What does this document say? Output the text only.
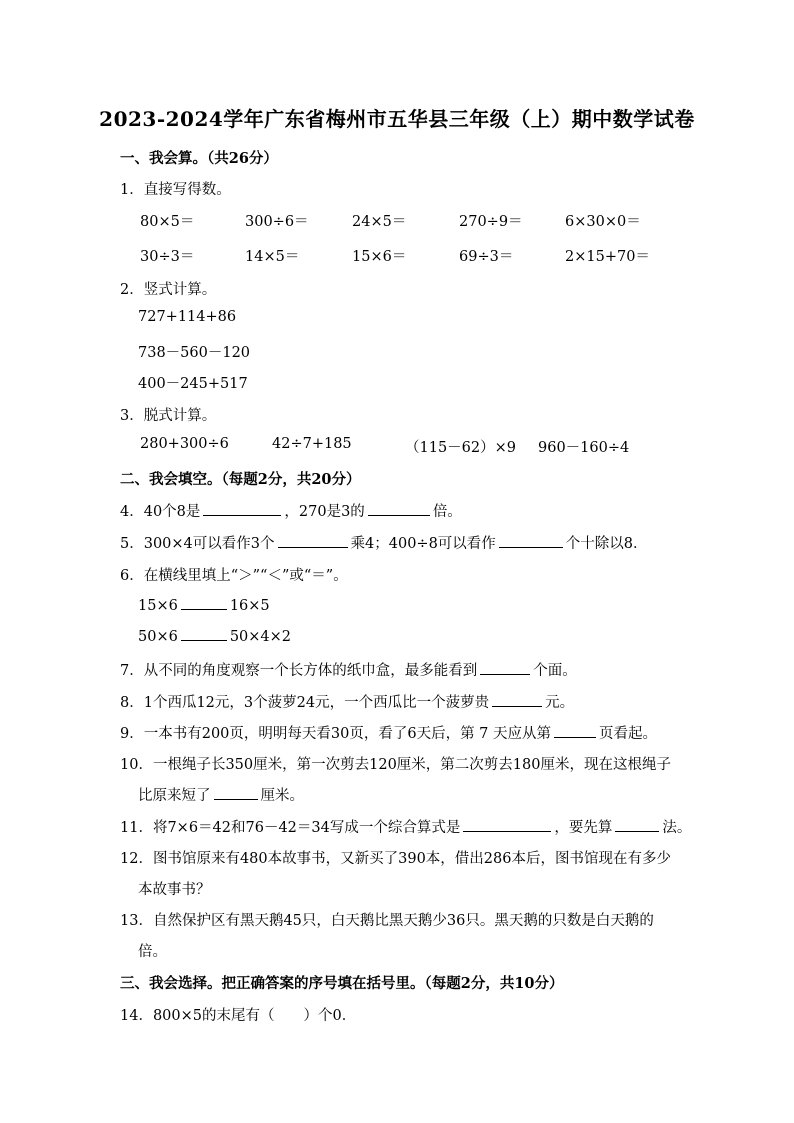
2023-2024学年广东省梅州市五华县三年级（上）期中数学试卷
一、我会算。（共26分）
1．直接写得数。
80×5＝	300÷6＝	24×5＝	270÷9＝	6×30×0＝
30÷3＝	14×5＝	15×6＝	69÷3＝	2×15+70＝
2．竖式计算。
727+114+86
738－560－120
400－245+517
3．脱式计算。
280+300÷6	42÷7+185	（115－62）×9 960－160÷4
二、我会填空。（每题2分，共20分）
4．40个8是	，270是3的	倍。
5．300×4可以看作3个	乘4；400÷8可以看作	个十除以8．
6．在横线里填上“＞”“＜”或“＝”。
15×6	16×5
50×6	50×4×2
7．从不同的角度观察一个长方体的纸巾盒，最多能看到	个面。
8．1个西瓜12元，3个菠萝24元，一个西瓜比一个菠萝贵	元。
9．一本书有200页，明明每天看30页，看了6天后，第 7 天应从第	页看起。
10．一根绳子长350厘米，第一次剪去120厘米，第二次剪去180厘米，现在这根绳子
比原来短了	厘米。
11．将7×6＝42和76－42＝34写成一个综合算式是	，要先算	法。
12．图书馆原来有480本故事书，又新买了390本，借出286本后，图书馆现在有多少
本故事书？
13．自然保护区有黑天鹅45只，白天鹅比黑天鹅少36只。黑天鹅的只数是白天鹅的
倍。
三、我会选择。把正确答案的序号填在括号里。（每题2分，共10分）
14．800×5的末尾有（　　）个0．
